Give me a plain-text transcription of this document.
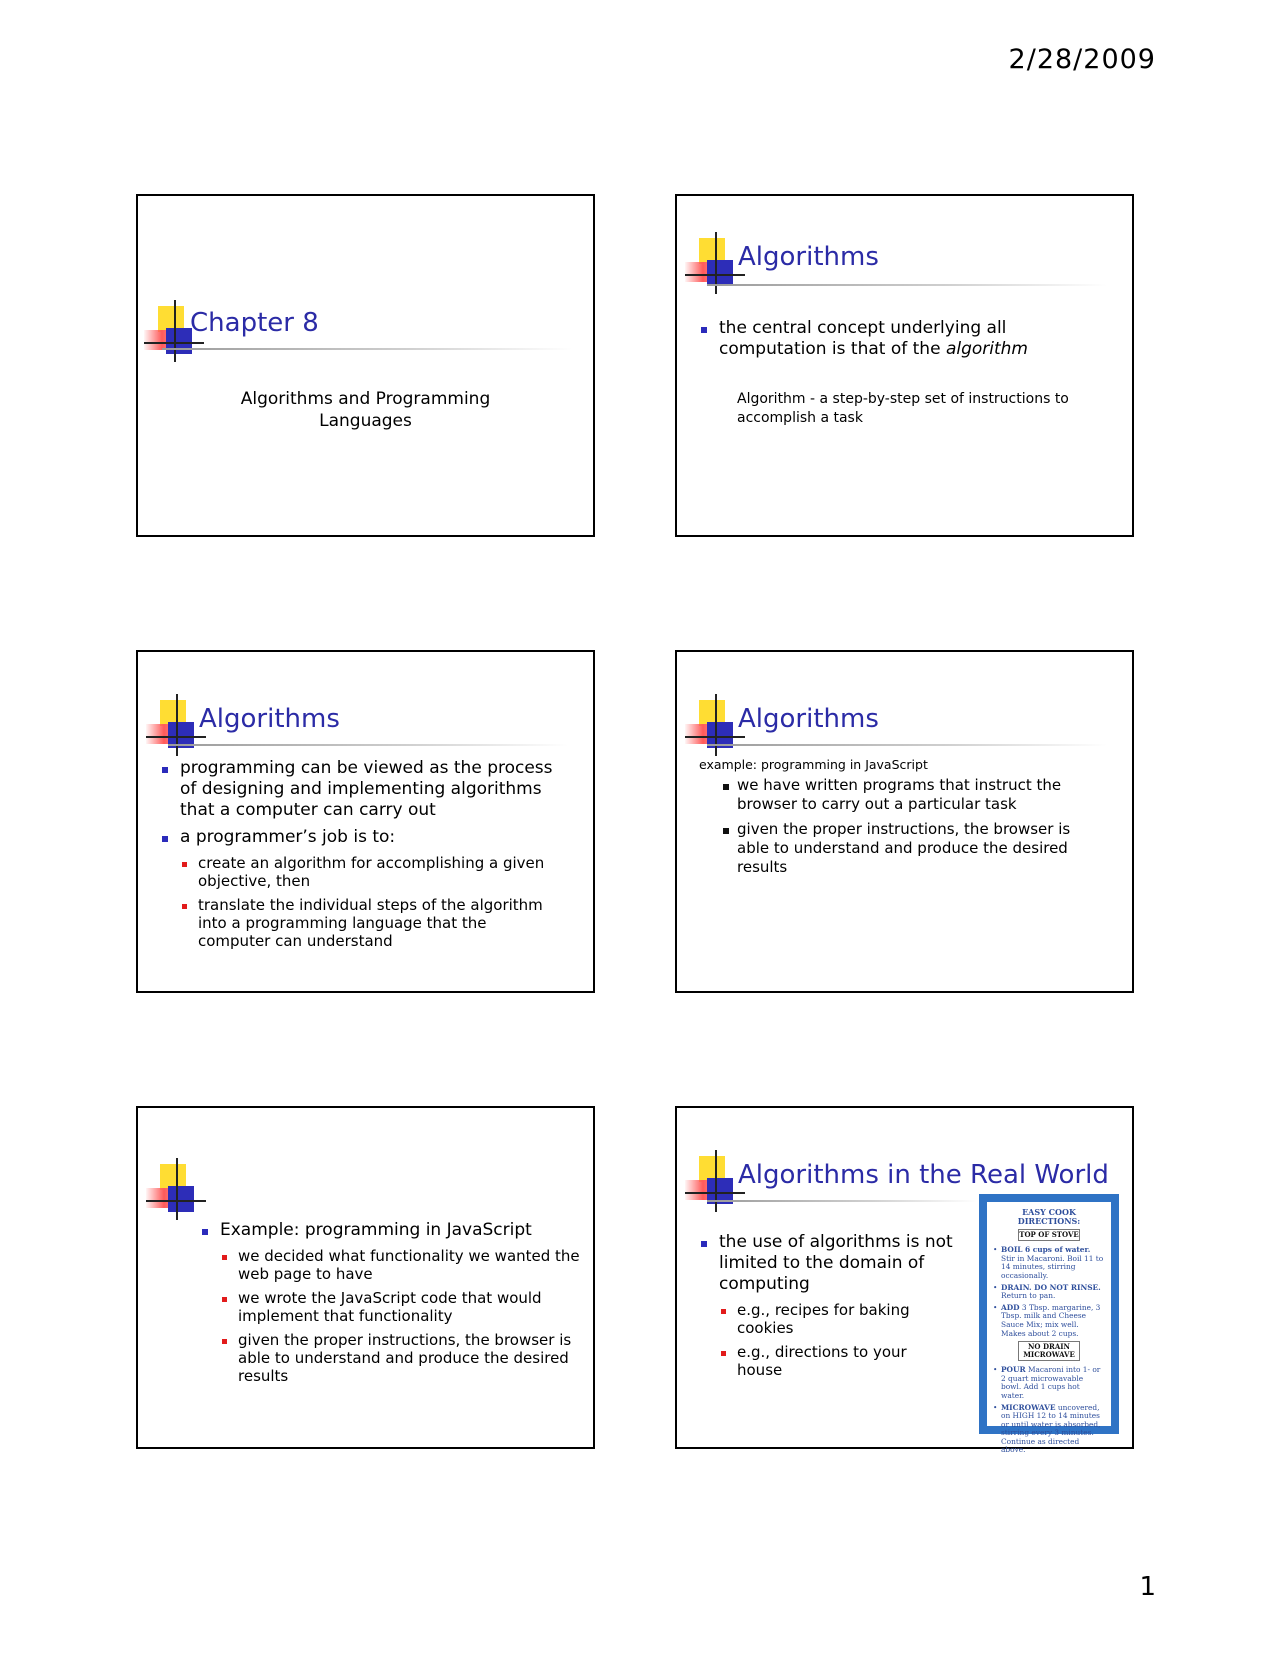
2/28/2009
Chapter 8
Algorithms and Programming
Languages
Algorithms
the central concept underlying all computation is that of the algorithm
Algorithm - a step-by-step set of instructions to accomplish a task
Algorithms
programming can be viewed as the process of designing and implementing algorithms that a computer can carry out
a programmer’s job is to:
create an algorithm for accomplishing a given objective, then
translate the individual steps of the algorithm into a programming language that the computer can understand
Algorithms
example: programming in JavaScript
we have written programs that instruct the browser to carry out a particular task
given the proper instructions, the browser is able to understand and produce the desired results
Example: programming in JavaScript
we decided what functionality we wanted the web page to have
we wrote the JavaScript code that would implement that functionality
given the proper instructions, the browser is able to understand and produce the desired results
Algorithms in the Real World
the use of algorithms is not limited to the domain of computing
e.g., recipes for baking cookies
e.g., directions to your house
EASY COOK DIRECTIONS:
TOP OF STOVE
• BOIL 6 cups of water. Stir in Macaroni. Boil 11 to 14 minutes, stirring occasionally.
• DRAIN. DO NOT RINSE. Return to pan.
• ADD 3 Tbsp. margarine, 3 Tbsp. milk and Cheese Sauce Mix; mix well. Makes about 2 cups.
NO DRAIN MICROWAVE
• POUR Macaroni into 1- or 2 quart microwavable bowl. Add 1 cups hot water.
• MICROWAVE uncovered, on HIGH 12 to 14 minutes or until water is absorbed, stirring every 3 minutes. Continue as directed above.
1
